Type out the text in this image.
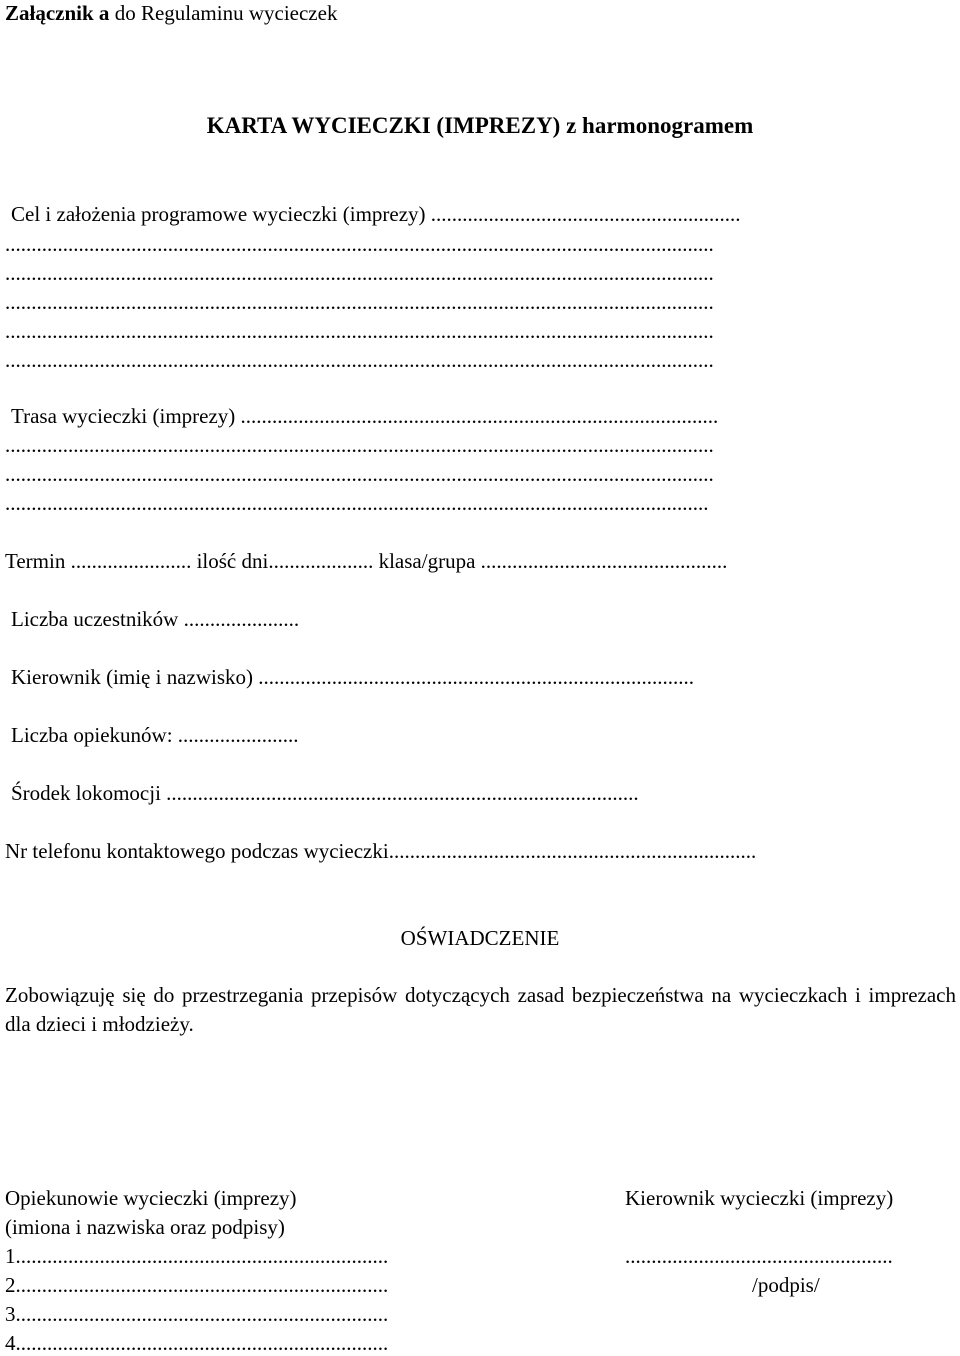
Załącznik a do Regulaminu wycieczek

KARTA WYCIECZKI (IMPREZY) z harmonogramem

Cel i założenia programowe wycieczki (imprezy) ...........................................................

.......................................................................................................................................

.......................................................................................................................................

.......................................................................................................................................

.......................................................................................................................................

.......................................................................................................................................

Trasa wycieczki (imprezy) ...........................................................................................

.......................................................................................................................................

.......................................................................................................................................

......................................................................................................................................

Termin ....................... ilość dni.................... klasa/grupa ...............................................

Liczba uczestników ......................

Kierownik (imię i nazwisko) ...................................................................................

Liczba opiekunów: .......................

Środek lokomocji ..........................................................................................

Nr telefonu kontaktowego podczas wycieczki......................................................................

OŚWIADCZENIE

Zobowiązuję się do przestrzegania przepisów dotyczących zasad bezpieczeństwa na wycieczkach i imprezach dla dzieci i młodzieży.

Opiekunowie wycieczki (imprezy)	Kierownik wycieczki (imprezy)

(imiona i nazwiska oraz podpisy)

1.......................................................................	...................................................

2.......................................................................	/podpis/

3.......................................................................

4.......................................................................
